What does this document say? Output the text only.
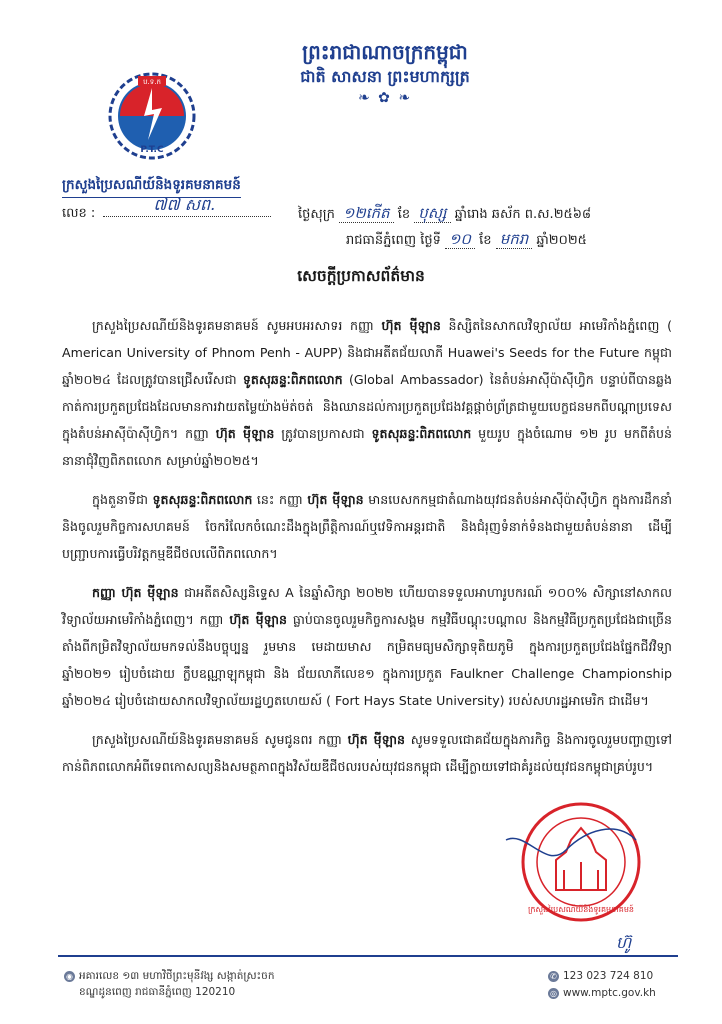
ព្រះរាជាណាចក្រកម្ពុជា
ជាតិ សាសនា ព្រះមហាក្សត្រ
❧ ✿ ❧
ប.ទ.ក
P.T.C
ក្រសួងប្រៃសណីយ៍និងទូរគមនាគមន៍
លេខ :	៧៧ សព.
ថ្ងៃសុក្រ ១២កើត ខែ បុស្ស ឆ្នាំរោង ឆស័ក ព.ស.២៥៦៨
រាជធានីភ្នំពេញ ថ្ងៃទី ១០ ខែ មករា ឆ្នាំ២០២៥
សេចក្តីប្រកាសព័ត៌មាន

ក្រសួងប្រៃសណីយ៍និងទូរគមនាគមន៍ សូមអបអរសាទរ កញ្ញា ហ៊ុត ម៉ីឡាន និស្សិតនៃសាកលវិទ្យាល័យ អាមេរិកាំងភ្នំពេញ ( American University of Phnom Penh - AUPP) និងជាអតីតជ័យលាភី Huawei's Seeds for the Future កម្ពុជាឆ្នាំ២០២៤ ដែលត្រូវបានជ្រើសរើសជា ទូតសុឆន្ទៈពិភពលោក (Global Ambassador) នៃតំបន់អាស៊ីប៉ាស៊ីហ្វិក បន្ទាប់ពីបានឆ្លងកាត់ការប្រកួតប្រជែងដែលមានការវាយតម្លៃយ៉ាងម៉ត់ចត់ និងឈានដល់ការប្រកួតប្រជែងវគ្គផ្តាច់ព្រ័ត្រជាមួយបេក្ខជនមកពីបណ្តាប្រទេសក្នុងតំបន់អាស៊ីប៉ាស៊ីហ្វិក។ កញ្ញា ហ៊ុត ម៉ីឡាន ត្រូវបានប្រកាសជា ទូតសុឆន្ទៈពិភពលោក មួយរូប ក្នុងចំណោម ១២ រូប មកពីតំបន់នានាជុំវិញពិភពលោក សម្រាប់ឆ្នាំ២០២៥។

ក្នុងតួនាទីជា ទូតសុឆន្ទៈពិភពលោក នេះ កញ្ញា ហ៊ុត ម៉ីឡាន មានបេសកកម្មជាតំណាងយុវជនតំបន់អាស៊ីប៉ាស៊ីហ្វិក ក្នុងការដឹកនាំនិងចូលរួមកិច្ចការសហគមន៍ ចែករំលែកចំណេះដឹងក្នុងព្រឹត្តិការណ៍ឬវេទិកាអន្តរជាតិ និងជំរុញទំនាក់ទំនងជាមួយតំបន់នានា ដើម្បីបញ្ជ្រាបការធ្វើបរិវត្តកម្មឌីជីថលលើពិភពលោក។

កញ្ញា ហ៊ុត ម៉ីឡាន ជាអតីតសិស្សនិទ្ទេស A នៃឆ្នាំសិក្សា ២០២២ ហើយបានទទួលអាហារូបករណ៍ ១០០% សិក្សានៅសាកលវិទ្យាល័យអាមេរិកាំងភ្នំពេញ។ កញ្ញា ហ៊ុត ម៉ីឡាន ធ្លាប់បានចូលរួមកិច្ចការសង្គម កម្មវិធីបណ្តុះបណ្តាល និងកម្មវិធីប្រកួតប្រជែងជាច្រើនតាំងពីកម្រិតវិទ្យាល័យមកទល់នឹងបច្ចុប្បន្ន រួមមាន មេដាយមាស កម្រិតមធ្យមសិក្សាទុតិយភូមិ ក្នុងការប្រកួតប្រជែងផ្នែកជីវវិទ្យាឆ្នាំ២០២១ រៀបចំដោយ ក្លឹបឧណ្ណាឡុកម្ពុជា និង ជ័យលាភីលេខ១ ក្នុងការប្រកួត Faulkner Challenge Championship ឆ្នាំ២០២៤ រៀបចំដោយសាកលវិទ្យាល័យរដ្ឋហ្វតហេយស៍ ( Fort Hays State University) របស់សហរដ្ឋអាមេរិក ជាដើម។

ក្រសួងប្រៃសណីយ៍និងទូរគមនាគមន៍ សូមជូនពរ កញ្ញា ហ៊ុត ម៉ីឡាន សូមទទួលជោគជ័យក្នុងភារកិច្ច និងការចូលរួមបញ្ចាញទៅកាន់ពិភពលោកអំពីទេពកោសល្យនិងសមត្ថភាពក្នុងវិស័យឌីជីថលរបស់យុវជនកម្ពុជា ដើម្បីក្លាយទៅជាគំរូដល់យុវជនកម្ពុជាគ្រប់រូប។

ក្រសួងប្រៃសណីយ៍និងទូរគមនាគមន៍
ហ៊ូ
◉ អគារលេខ ១៣ មហាវិថីព្រះមុនីវង្ស សង្កាត់ស្រះចក
ខណ្ឌដូនពេញ រាជធានីភ្នំពេញ 120210
✆ 123 023 724 810
◎ www.mptc.gov.kh
